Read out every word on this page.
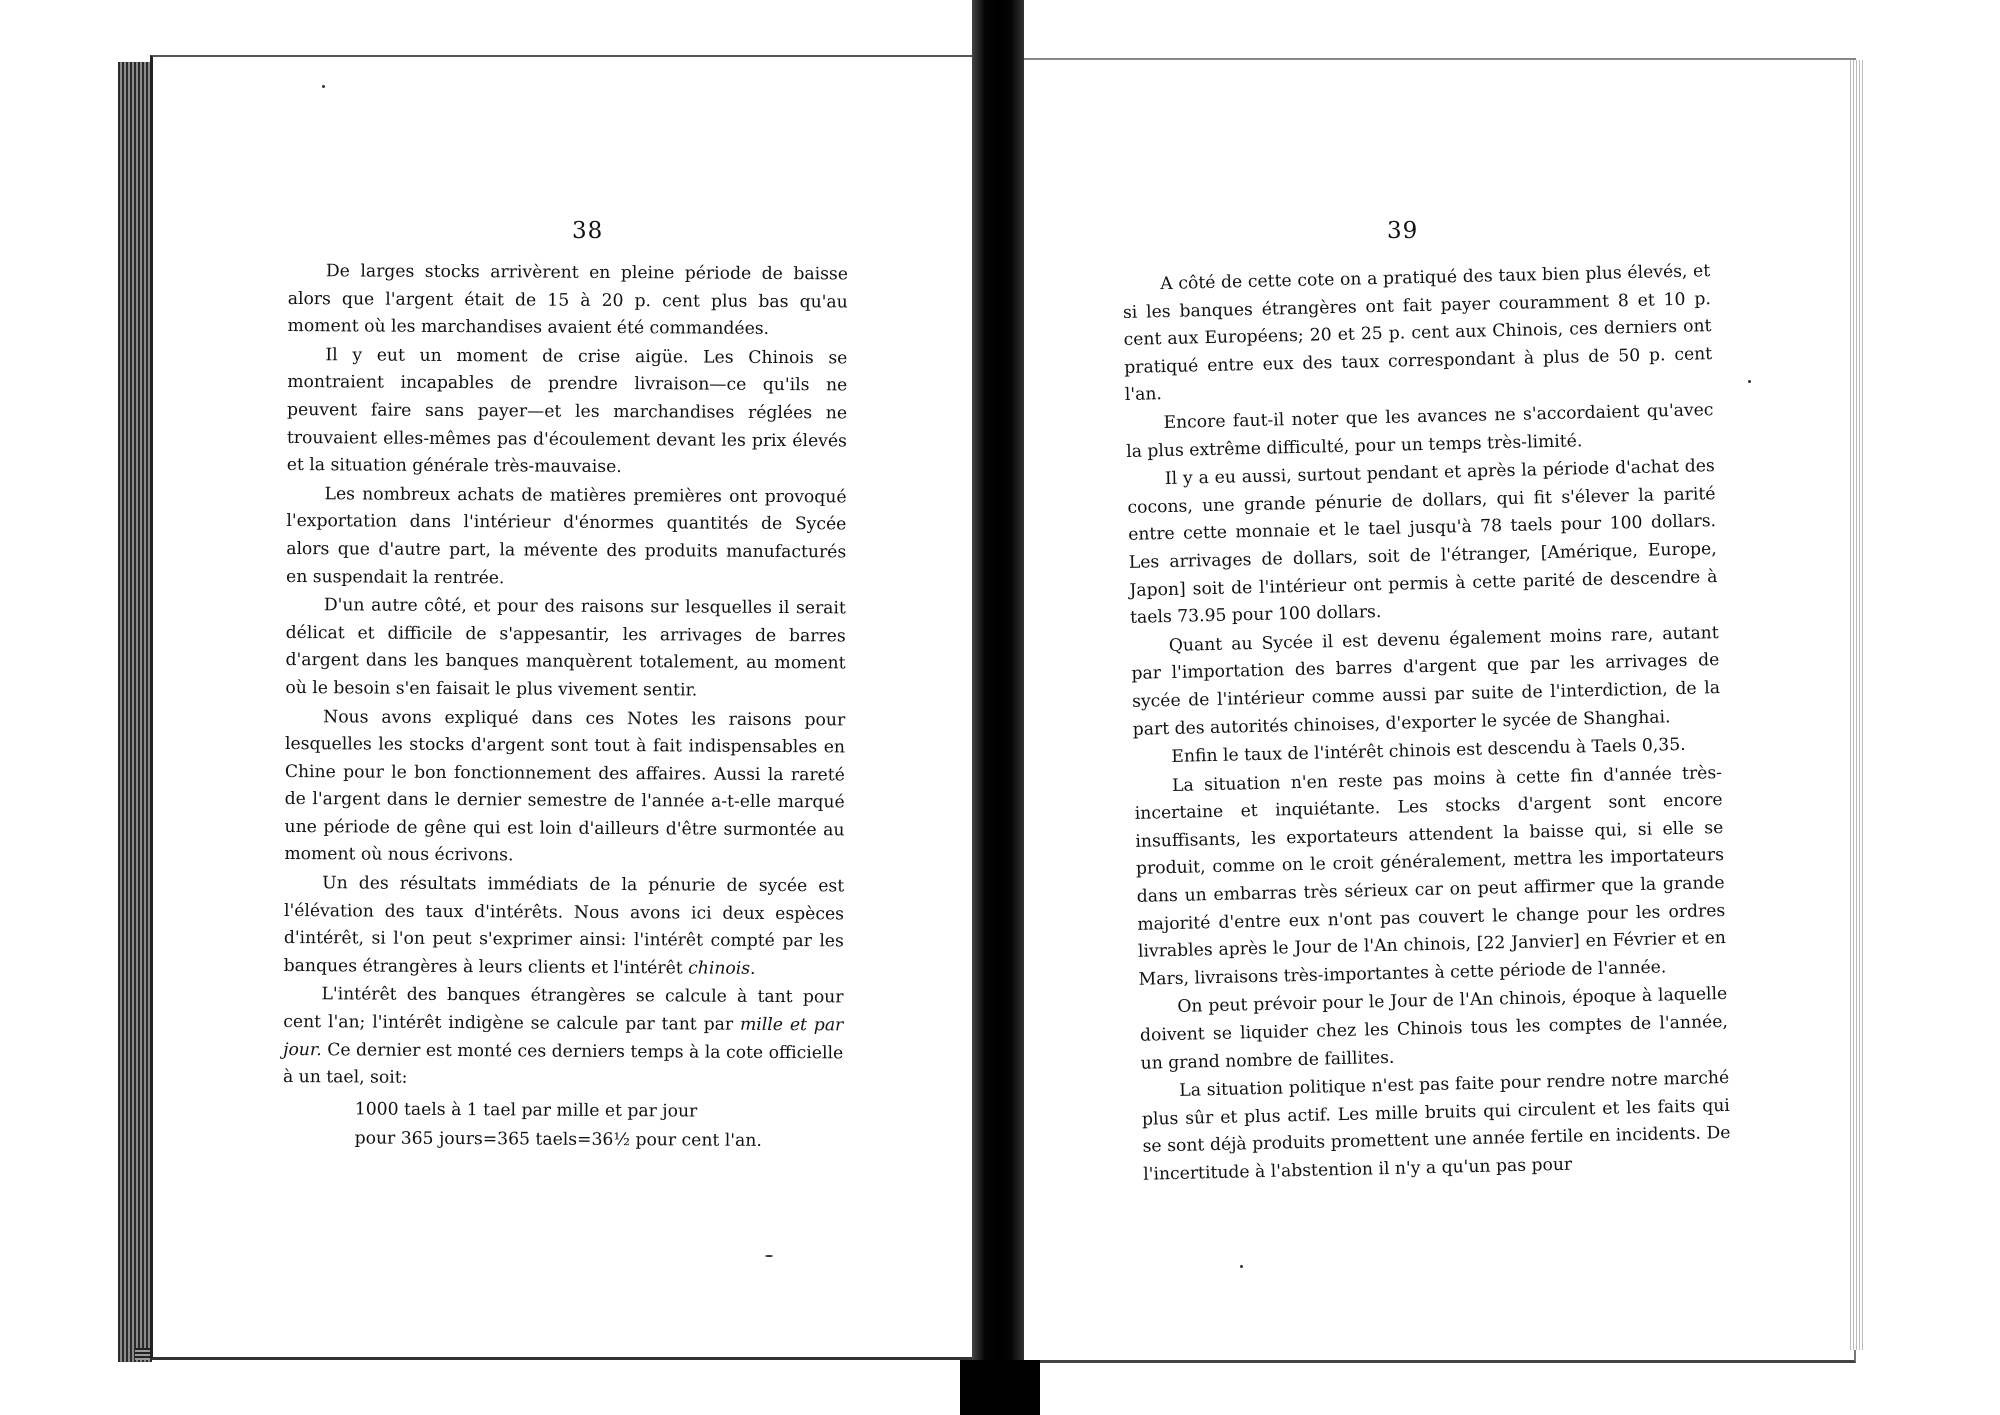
38

De larges stocks arrivèrent en pleine période de baisse alors que l'argent était de 15 à 20 p. cent plus bas qu'au moment où les marchandises avaient été commandées.

Il y eut un moment de crise aigüe. Les Chinois se montraient incapables de prendre livraison—ce qu'ils ne peuvent faire sans payer—et les marchandises réglées ne trouvaient elles-mêmes pas d'écoulement devant les prix élevés et la situation générale très-mauvaise.

Les nombreux achats de matières premières ont provoqué l'exportation dans l'intérieur d'énormes quantités de Sycée alors que d'autre part, la mévente des produits manufacturés en suspendait la rentrée.

D'un autre côté, et pour des raisons sur lesquelles il serait délicat et difficile de s'appesantir, les arrivages de barres d'argent dans les banques manquèrent totalement, au moment où le besoin s'en faisait le plus vivement sentir.

Nous avons expliqué dans ces Notes les raisons pour lesquelles les stocks d'argent sont tout à fait indispensables en Chine pour le bon fonctionnement des affaires. Aussi la rareté de l'argent dans le dernier semestre de l'année a-t-elle marqué une période de gêne qui est loin d'ailleurs d'être surmontée au moment où nous écrivons.

Un des résultats immédiats de la pénurie de sycée est l'élévation des taux d'intérêts. Nous avons ici deux espèces d'intérêt, si l'on peut s'exprimer ainsi: l'intérêt compté par les banques étrangères à leurs clients et l'intérêt chinois.

L'intérêt des banques étrangères se calcule à tant pour cent l'an; l'intérêt indigène se calcule par tant par mille et par jour. Ce dernier est monté ces derniers temps à la cote officielle à un tael, soit:

1000 taels à 1 tael par mille et par jour

pour 365 jours=365 taels=36½ pour cent l'an.

39

A côté de cette cote on a pratiqué des taux bien plus élevés, et si les banques étrangères ont fait payer couramment 8 et 10 p. cent aux Européens; 20 et 25 p. cent aux Chinois, ces derniers ont pratiqué entre eux des taux correspondant à plus de 50 p. cent l'an.

Encore faut-il noter que les avances ne s'accordaient qu'avec la plus extrême difficulté, pour un temps très-limité.

Il y a eu aussi, surtout pendant et après la période d'achat des cocons, une grande pénurie de dollars, qui fit s'élever la parité entre cette monnaie et le tael jusqu'à 78 taels pour 100 dollars. Les arrivages de dollars, soit de l'étranger, [Amérique, Europe, Japon] soit de l'intérieur ont permis à cette parité de descendre à taels 73.95 pour 100 dollars.

Quant au Sycée il est devenu également moins rare, autant par l'importation des barres d'argent que par les arrivages de sycée de l'intérieur comme aussi par suite de l'interdiction, de la part des autorités chinoises, d'exporter le sycée de Shanghai.

Enfin le taux de l'intérêt chinois est descendu à Taels 0,35.

La situation n'en reste pas moins à cette fin d'année très-incertaine et inquiétante. Les stocks d'argent sont encore insuffisants, les exportateurs attendent la baisse qui, si elle se produit, comme on le croit généralement, mettra les importateurs dans un embarras très sérieux car on peut affirmer que la grande majorité d'entre eux n'ont pas couvert le change pour les ordres livrables après le Jour de l'An chinois, [22 Janvier] en Février et en Mars, livraisons très-importantes à cette période de l'année.

On peut prévoir pour le Jour de l'An chinois, époque à laquelle doivent se liquider chez les Chinois tous les comptes de l'année, un grand nombre de faillites.

La situation politique n'est pas faite pour rendre notre marché plus sûr et plus actif. Les mille bruits qui circulent et les faits qui se sont déjà produits promettent une année fertile en incidents. De l'incertitude à l'abstention il n'y a qu'un pas pour
